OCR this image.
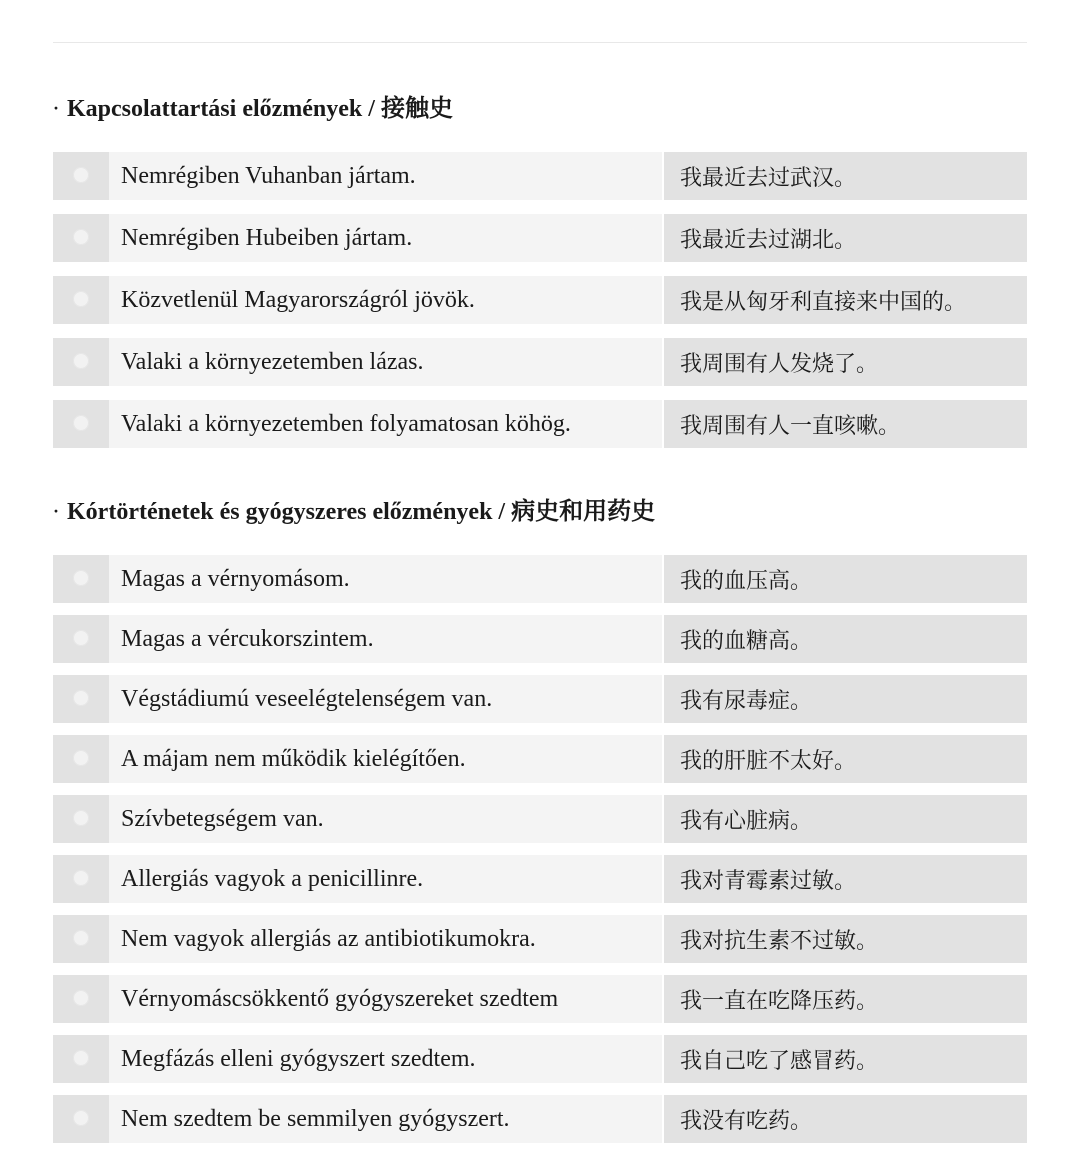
· Kapcsolattartási előzmények / 接触史
Nemrégiben Vuhanban jártam.	我最近去过武汉。
Nemrégiben Hubeiben jártam.	我最近去过湖北。
Közvetlenül Magyarországról jövök.	我是从匈牙利直接来中国的。
Valaki a környezetemben lázas.	我周围有人发烧了。
Valaki a környezetemben folyamatosan köhög.	我周围有人一直咳嗽。
· Kórtörténetek és gyógyszeres előzmények / 病史和用药史
Magas a vérnyomásom.	我的血压高。
Magas a vércukorszintem.	我的血糖高。
Végstádiumú veseelégtelenségem van.	我有尿毒症。
A májam nem működik kielégítően.	我的肝脏不太好。
Szívbetegségem van.	我有心脏病。
Allergiás vagyok a penicillinre.	我对青霉素过敏。
Nem vagyok allergiás az antibiotikumokra.	我对抗生素不过敏。
Vérnyomáscsökkentő gyógyszereket szedtem	我一直在吃降压药。
Megfázás elleni gyógyszert szedtem.	我自己吃了感冒药。
Nem szedtem be semmilyen gyógyszert.	我没有吃药。
